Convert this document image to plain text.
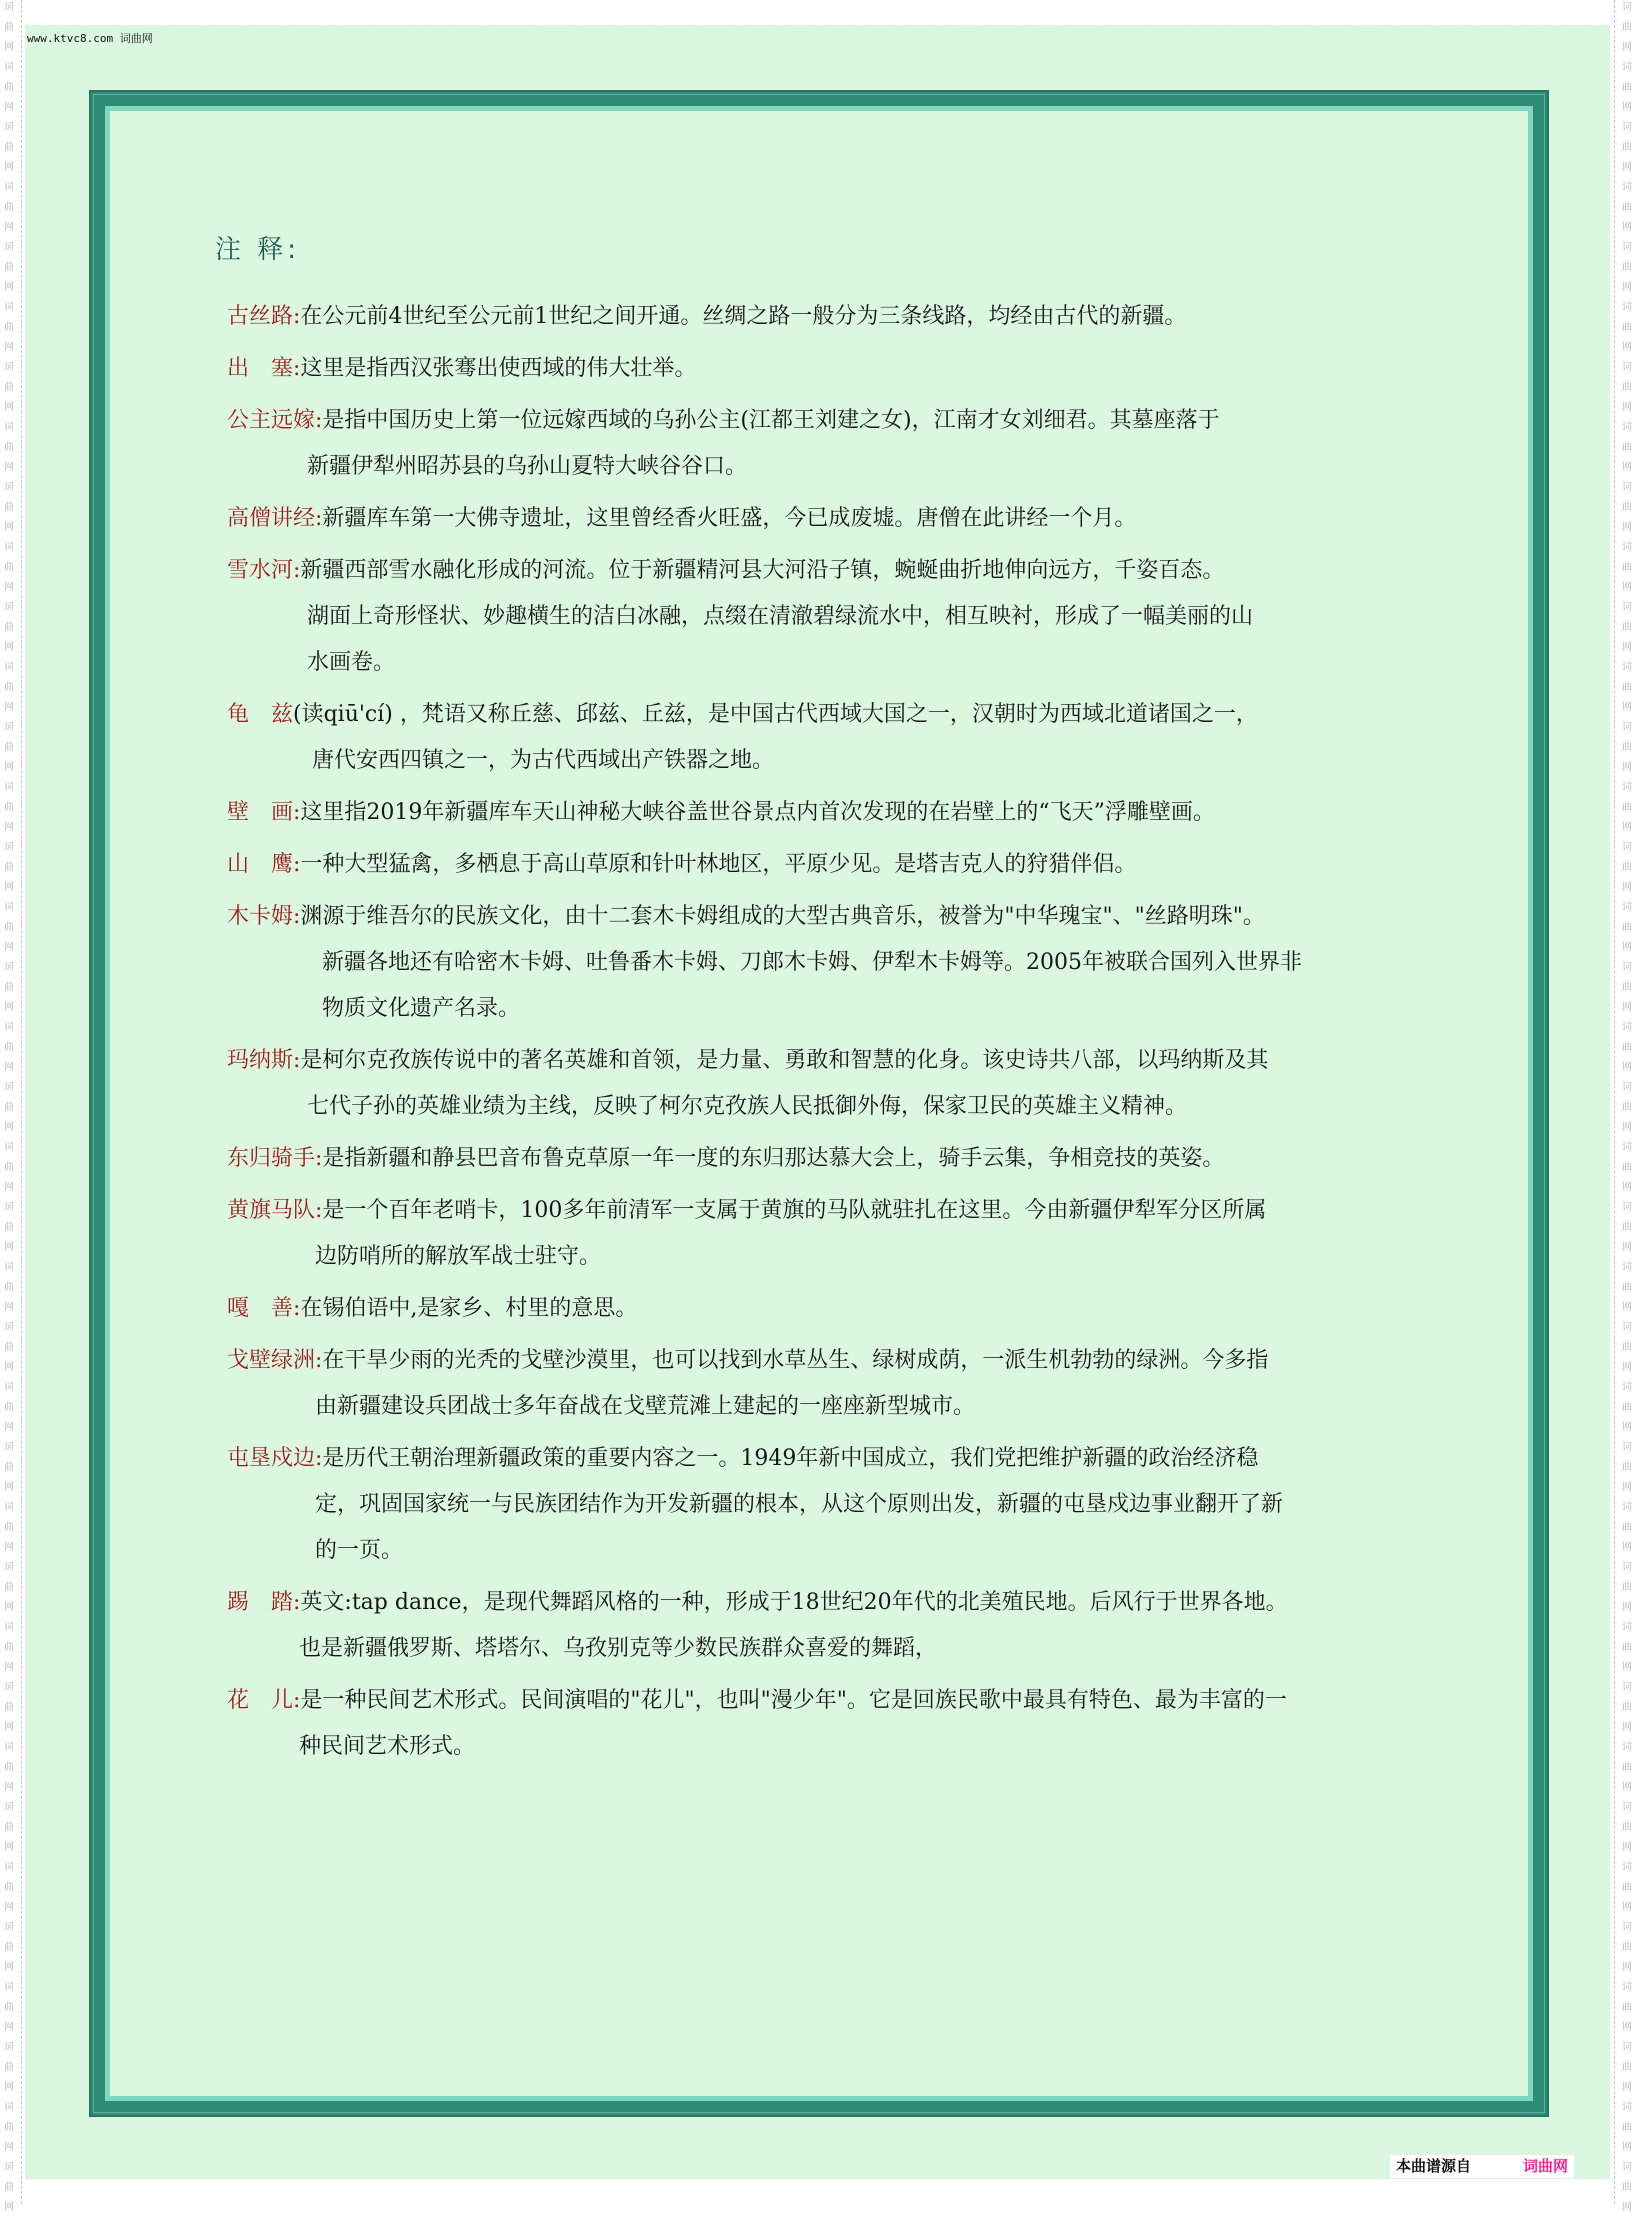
词
曲
网
词
曲
网
词
曲
网
词
曲
网
词
曲
网
词
曲
网
词
曲
网
词
曲
网
词
曲
网
词
曲
网
词
曲
网
词
曲
网
词
曲
网
词
曲
网
词
曲
网
词
曲
网
词
曲
网
词
曲
网
词
曲
网
词
曲
网
词
曲
网
词
曲
网
词
曲
网
词
曲
网
词
曲
网
词
曲
网
词
曲
网
词
曲
网
词
曲
网
词
曲
网
词
曲
网
词
曲
网
词
曲
网
词
曲
网
词
曲
网
词
曲
网
词
曲
网
词
曲
网
词
曲
网
词
曲
网
词
曲
网
词
曲
网
词
曲
网
词
曲
网
词
曲
网
词
曲
网
词
曲
网
词
曲
网
词
曲
网
词
曲
网
词
曲
网
词
曲
网
词
曲
网
词
曲
网
词
曲
网
词
曲
网
词
曲
网
词
曲
网
词
曲
网
词
曲
网
词
曲
网
词
曲
网
词
曲
网
词
曲
网
词
曲
网
词
曲
网
词
曲
网
词
曲
网
词
曲
网
词
曲
网
词
曲
网
词
曲
网
词
曲
网
词
曲
网
www.ktvc8.com 词曲网
注 释:
古丝路:在公元前4世纪至公元前1世纪之间开通。丝绸之路一般分为三条线路，均经由古代的新疆。
出　塞:这里是指西汉张骞出使西域的伟大壮举。
公主远嫁:是指中国历史上第一位远嫁西域的乌孙公主(江都王刘建之女)，江南才女刘细君。其墓座落于
新疆伊犁州昭苏县的乌孙山夏特大峡谷谷口。
高僧讲经:新疆库车第一大佛寺遗址，这里曾经香火旺盛，今已成废墟。唐僧在此讲经一个月。
雪水河:新疆西部雪水融化形成的河流。位于新疆精河县大河沿子镇，蜿蜒曲折地伸向远方，千姿百态。
湖面上奇形怪状、妙趣横生的洁白冰融，点缀在清澈碧绿流水中，相互映衬，形成了一幅美丽的山
水画卷。
龟　兹(读qiū'cí) ，梵语又称丘慈、邱兹、丘兹，是中国古代西域大国之一，汉朝时为西域北道诸国之一，
唐代安西四镇之一，为古代西域出产铁器之地。
壁　画:这里指2019年新疆库车天山神秘大峡谷盖世谷景点内首次发现的在岩壁上的“飞天”浮雕壁画。
山　鹰:一种大型猛禽，多栖息于高山草原和针叶林地区，平原少见。是塔吉克人的狩猎伴侣。
木卡姆:渊源于维吾尔的民族文化，由十二套木卡姆组成的大型古典音乐，被誉为"中华瑰宝"、"丝路明珠"。
新疆各地还有哈密木卡姆、吐鲁番木卡姆、刀郎木卡姆、伊犁木卡姆等。2005年被联合国列入世界非
物质文化遗产名录。
玛纳斯:是柯尔克孜族传说中的著名英雄和首领，是力量、勇敢和智慧的化身。该史诗共八部，以玛纳斯及其
七代子孙的英雄业绩为主线，反映了柯尔克孜族人民抵御外侮，保家卫民的英雄主义精神。
东归骑手:是指新疆和静县巴音布鲁克草原一年一度的东归那达慕大会上，骑手云集，争相竞技的英姿。
黄旗马队:是一个百年老哨卡，100多年前清军一支属于黄旗的马队就驻扎在这里。今由新疆伊犁军分区所属
边防哨所的解放军战士驻守。
嘎　善:在锡伯语中,是家乡、村里的意思。
戈壁绿洲:在干旱少雨的光秃的戈壁沙漠里，也可以找到水草丛生、绿树成荫，一派生机勃勃的绿洲。今多指
由新疆建设兵团战士多年奋战在戈壁荒滩上建起的一座座新型城市。
屯垦戍边:是历代王朝治理新疆政策的重要内容之一。1949年新中国成立，我们党把维护新疆的政治经济稳
定，巩固国家统一与民族团结作为开发新疆的根本，从这个原则出发，新疆的屯垦戍边事业翻开了新
的一页。
踢　踏:英文:tap dance，是现代舞蹈风格的一种，形成于18世纪20年代的北美殖民地。后风行于世界各地。
也是新疆俄罗斯、塔塔尔、乌孜别克等少数民族群众喜爱的舞蹈，
花　儿:是一种民间艺术形式。民间演唱的"花儿"，也叫"漫少年"。它是回族民歌中最具有特色、最为丰富的一
种民间艺术形式。
本曲谱源自	词曲网
